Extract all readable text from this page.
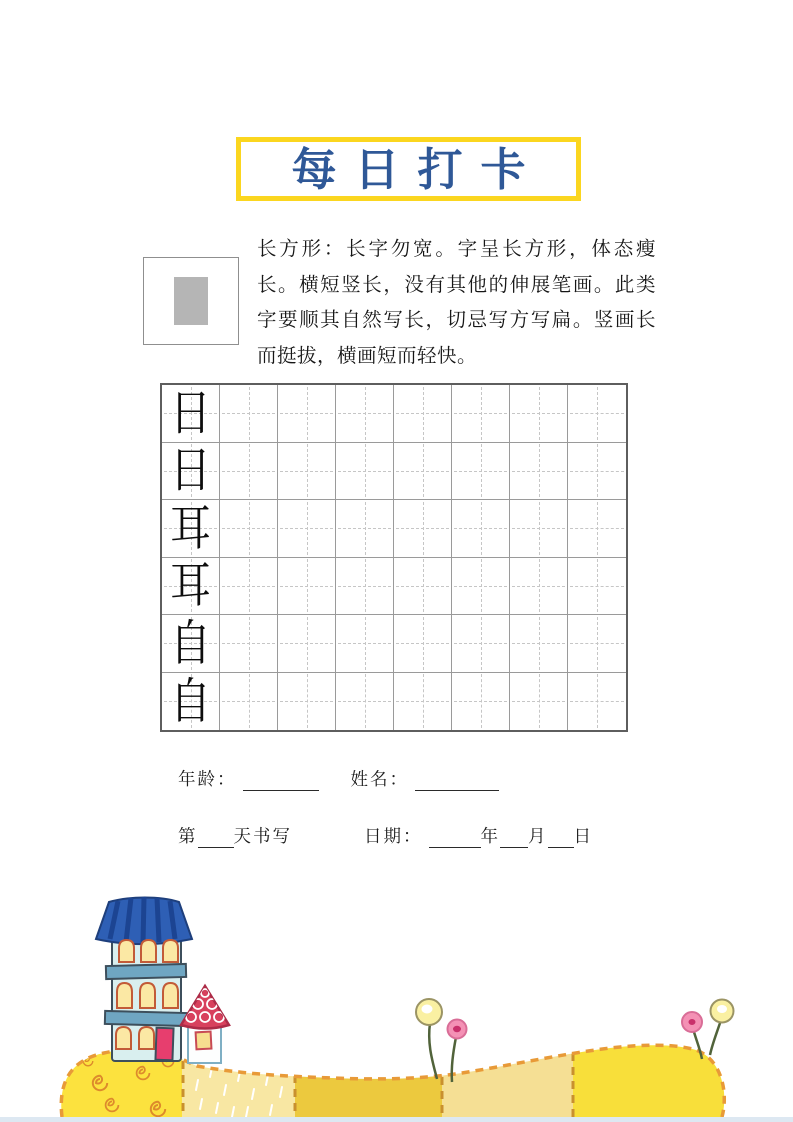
每日打卡

长方形：长字勿宽。字呈长方形，体态瘦长。横短竖长，没有其他的伸展笔画。此类字要顺其自然写长，切忌写方写扁。竖画长而挺拔，横画短而轻快。

日
日
耳
耳
自
自
年龄：	姓名：
第 天书写	日期：	年 月 日
